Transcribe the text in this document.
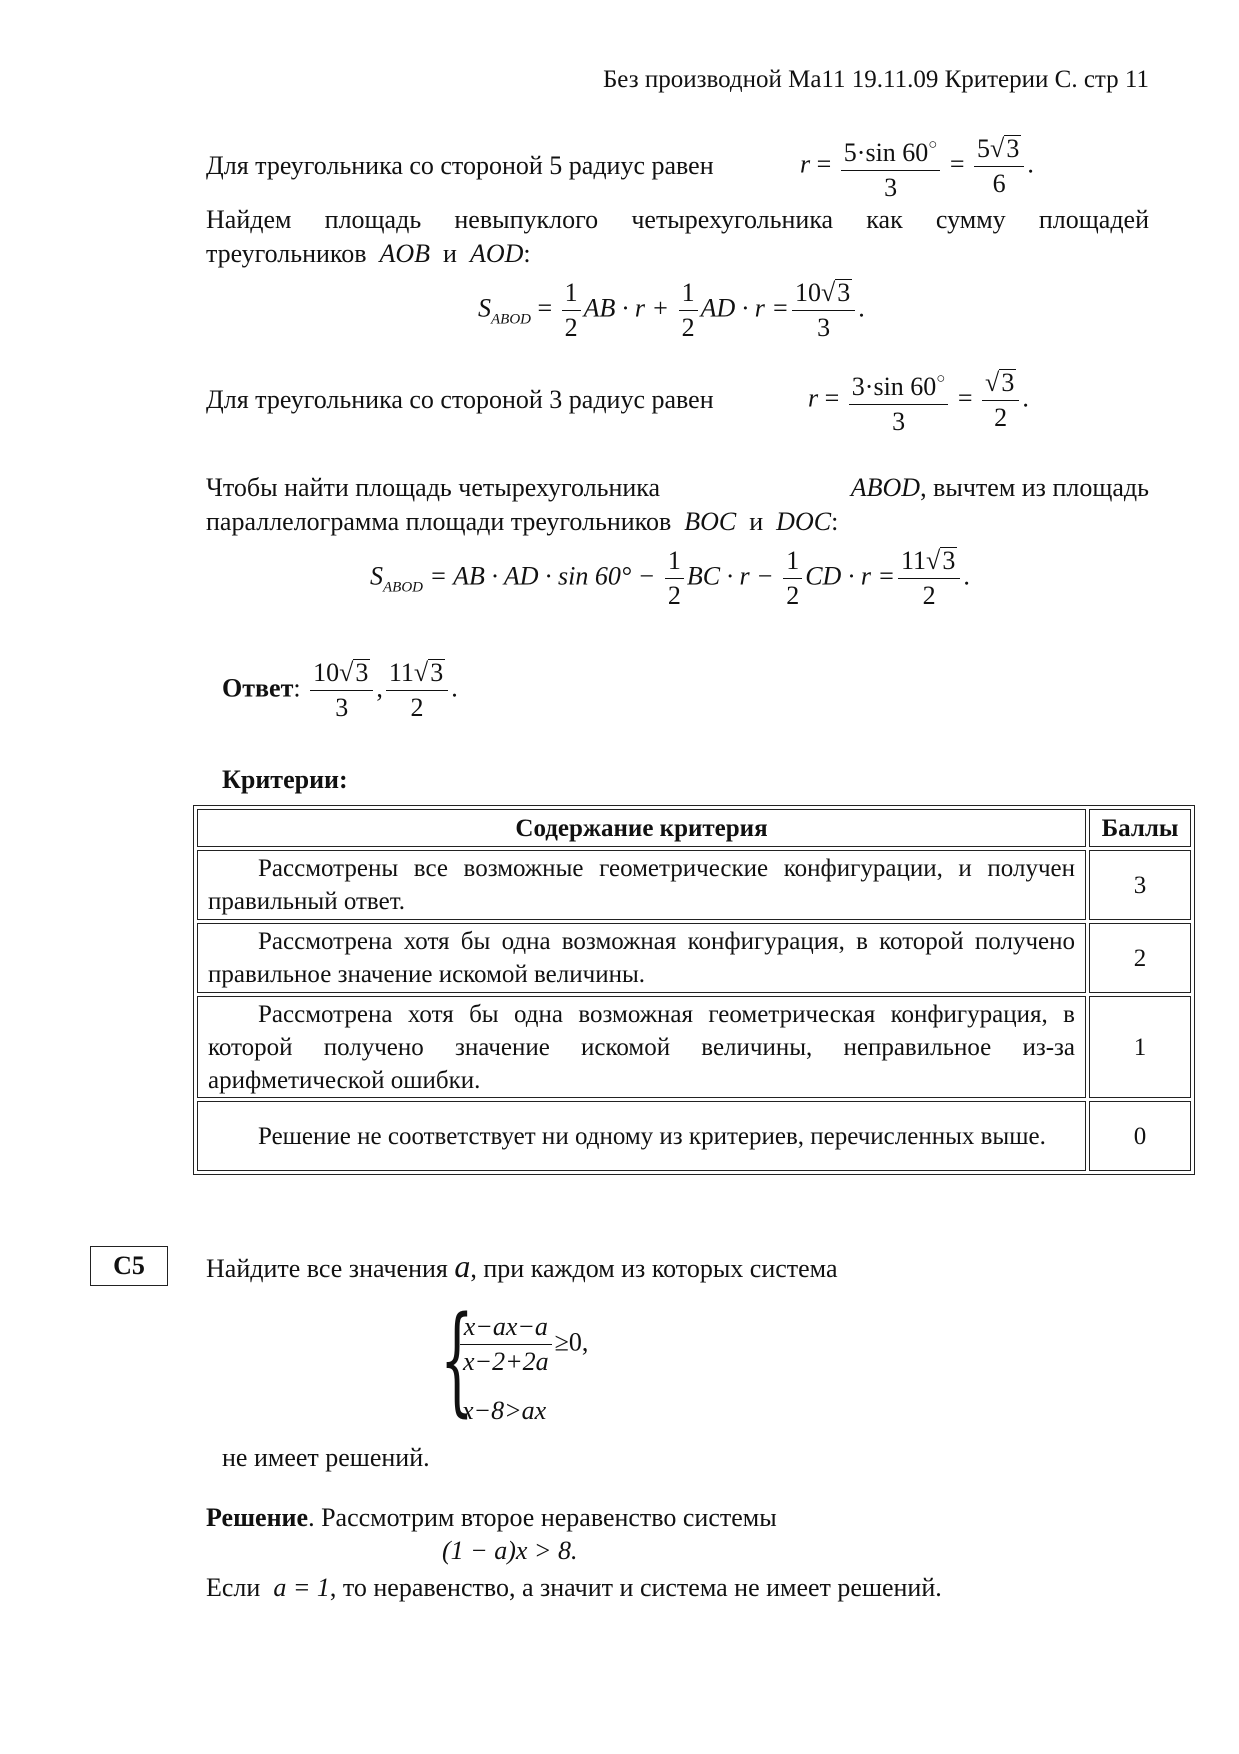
Без производной Ма11 19.11.09 Критерии С. стр 11
Для треугольника со стороной 5 радиус равен	$r = \frac{5\cdot\sin 60^○}{3} = \frac{5√3}{6}$ .
Найдем площадь невыпуклого четырехугольника как сумму площадей
треугольников AOB и AOD:
$S_{ABOD} = \frac{1}{2}$ AB · $r + \frac{1}{2}$ AD · $r = \frac{10√3}{3}$ .
Для треугольника со стороной 3 радиус равен	$r = \frac{3\cdot\sin 60^○}{3} = \frac{√3}{2}$ .
Чтобы найти площадь четырехугольника	ABOD, вычтем из площадь
параллелограмма площади треугольников BOC и DOC:
$S_{ABOD}$ = AB · AD · $\sin 60^\circ - \frac{1}{2}$ BC · $r - \frac{1}{2}$ CD · $r = \frac{11√3}{2}$ .
Ответ: $\frac{10√3}{3}$ , $\frac{11√3}{2}$ .
Критерии:
Содержание критерия	Баллы
Рассмотрены все возможные геометрические конфигурации, и получен правильный ответ.	3
Рассмотрена хотя бы одна возможная конфигурация, в которой получено правильное значение искомой величины.	2
Рассмотрена хотя бы одна возможная геометрическая конфигурация, в которой получено значение искомой величины, неправильное из-за арифметической ошибки.	1
Решение не соответствует ни одному из критериев, перечисленных выше.	0
C5	Найдите все значения a, при каждом из которых система
{
$\frac{x-ax-a}{x-2+2a} \ge 0$,
x−8>ax
не имеет решений.
Решение. Рассмотрим второе неравенство системы
(1 − a)x > 8.
Если a = 1, то неравенство, а значит и система не имеет решений.
